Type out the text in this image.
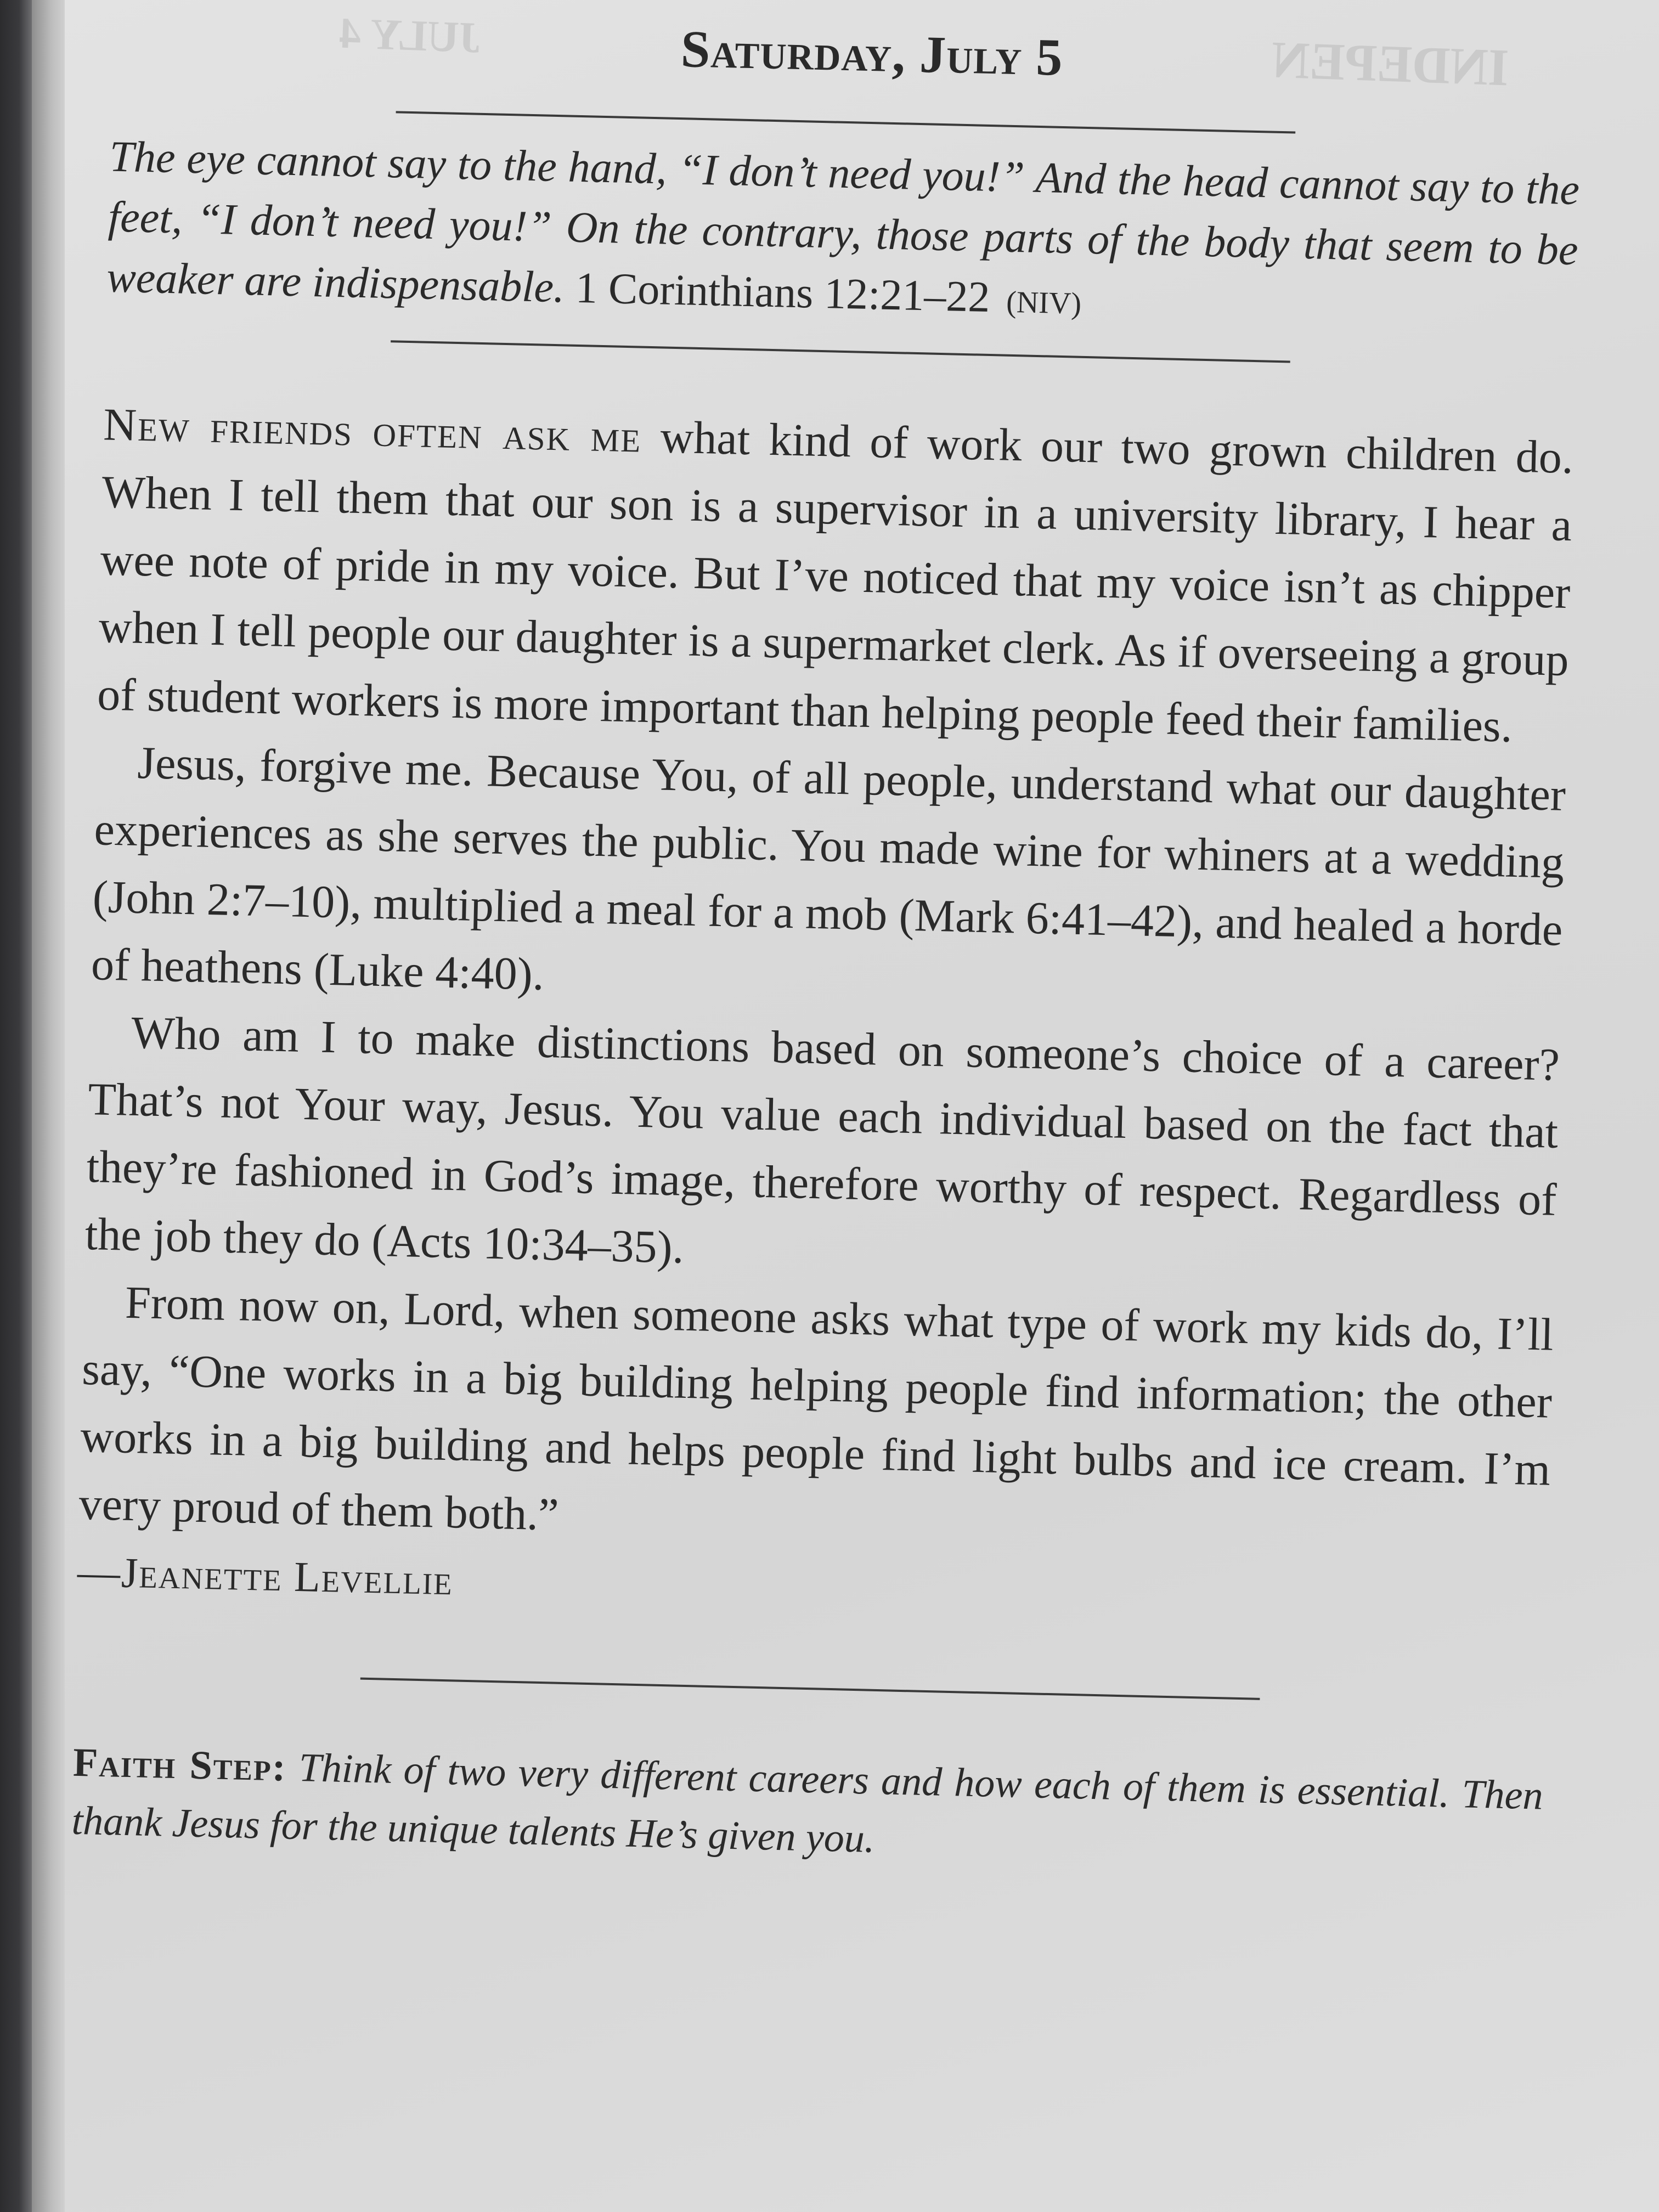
INDEPEN
JULY 4	Saturday, July 5
The eye cannot say to the hand, “I don’t need you!” And the head cannot say to the feet, “I don’t need you!” On the contrary, those parts of the body that seem to be weaker are indispensable. 1 Corinthians 12:21–22 (NIV)

New friends often ask me what kind of work our two grown children do. When I tell them that our son is a supervisor in a university library, I hear a wee note of pride in my voice. But I’ve noticed that my voice isn’t as chipper when I tell people our daughter is a supermarket clerk. As if overseeing a group of student workers is more important than helping people feed their families.

Jesus, forgive me. Because You, of all people, understand what our daughter experiences as she serves the public. You made wine for whiners at a wedding (John 2:7–10), multiplied a meal for a mob (Mark 6:41–42), and healed a horde of heathens (Luke 4:40).

Who am I to make distinctions based on someone’s choice of a career? That’s not Your way, Jesus. You value each individual based on the fact that they’re fashioned in God’s image, therefore worthy of respect. Regardless of the job they do (Acts 10:34–35).

From now on, Lord, when someone asks what type of work my kids do, I’ll say, “One works in a big building helping people find information; the other works in a big building and helps people find light bulbs and ice cream. I’m very proud of them both.”

—Jeanette Levellie
Faith Step: Think of two very different careers and how each of them is essential. Then thank Jesus for the unique talents He’s given you.
